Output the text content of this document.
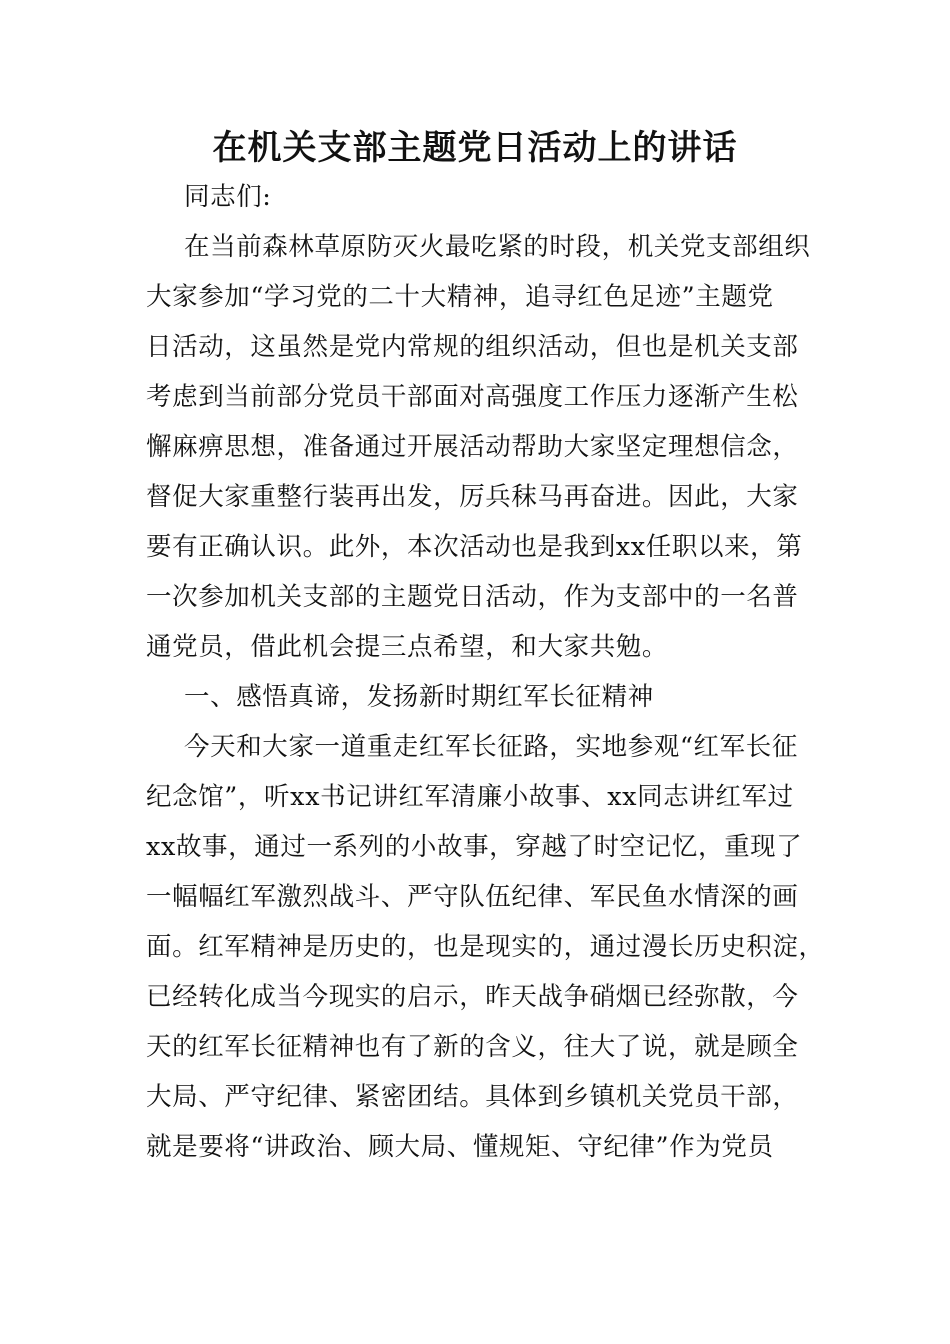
在机关支部主题党日活动上的讲话

同志们:

在当前森林草原防灭火最吃紧的时段，机关党支部组织

大家参加“学习党的二十大精神，追寻红色足迹”主题党

日活动，这虽然是党内常规的组织活动，但也是机关支部

考虑到当前部分党员干部面对高强度工作压力逐渐产生松

懈麻痹思想，准备通过开展活动帮助大家坚定理想信念，

督促大家重整行装再出发，厉兵秣马再奋进。因此，大家

要有正确认识。此外，本次活动也是我到xx任职以来，第

一次参加机关支部的主题党日活动，作为支部中的一名普

通党员，借此机会提三点希望，和大家共勉。

一、感悟真谛，发扬新时期红军长征精神

今天和大家一道重走红军长征路，实地参观“红军长征

纪念馆”，听xx书记讲红军清廉小故事、xx同志讲红军过

xx故事，通过一系列的小故事，穿越了时空记忆，重现了

一幅幅红军激烈战斗、严守队伍纪律、军民鱼水情深的画

面。红军精神是历史的，也是现实的，通过漫长历史积淀，

已经转化成当今现实的启示，昨天战争硝烟已经弥散，今

天的红军长征精神也有了新的含义，往大了说，就是顾全

大局、严守纪律、紧密团结。具体到乡镇机关党员干部，

就是要将“讲政治、顾大局、懂规矩、守纪律”作为党员
